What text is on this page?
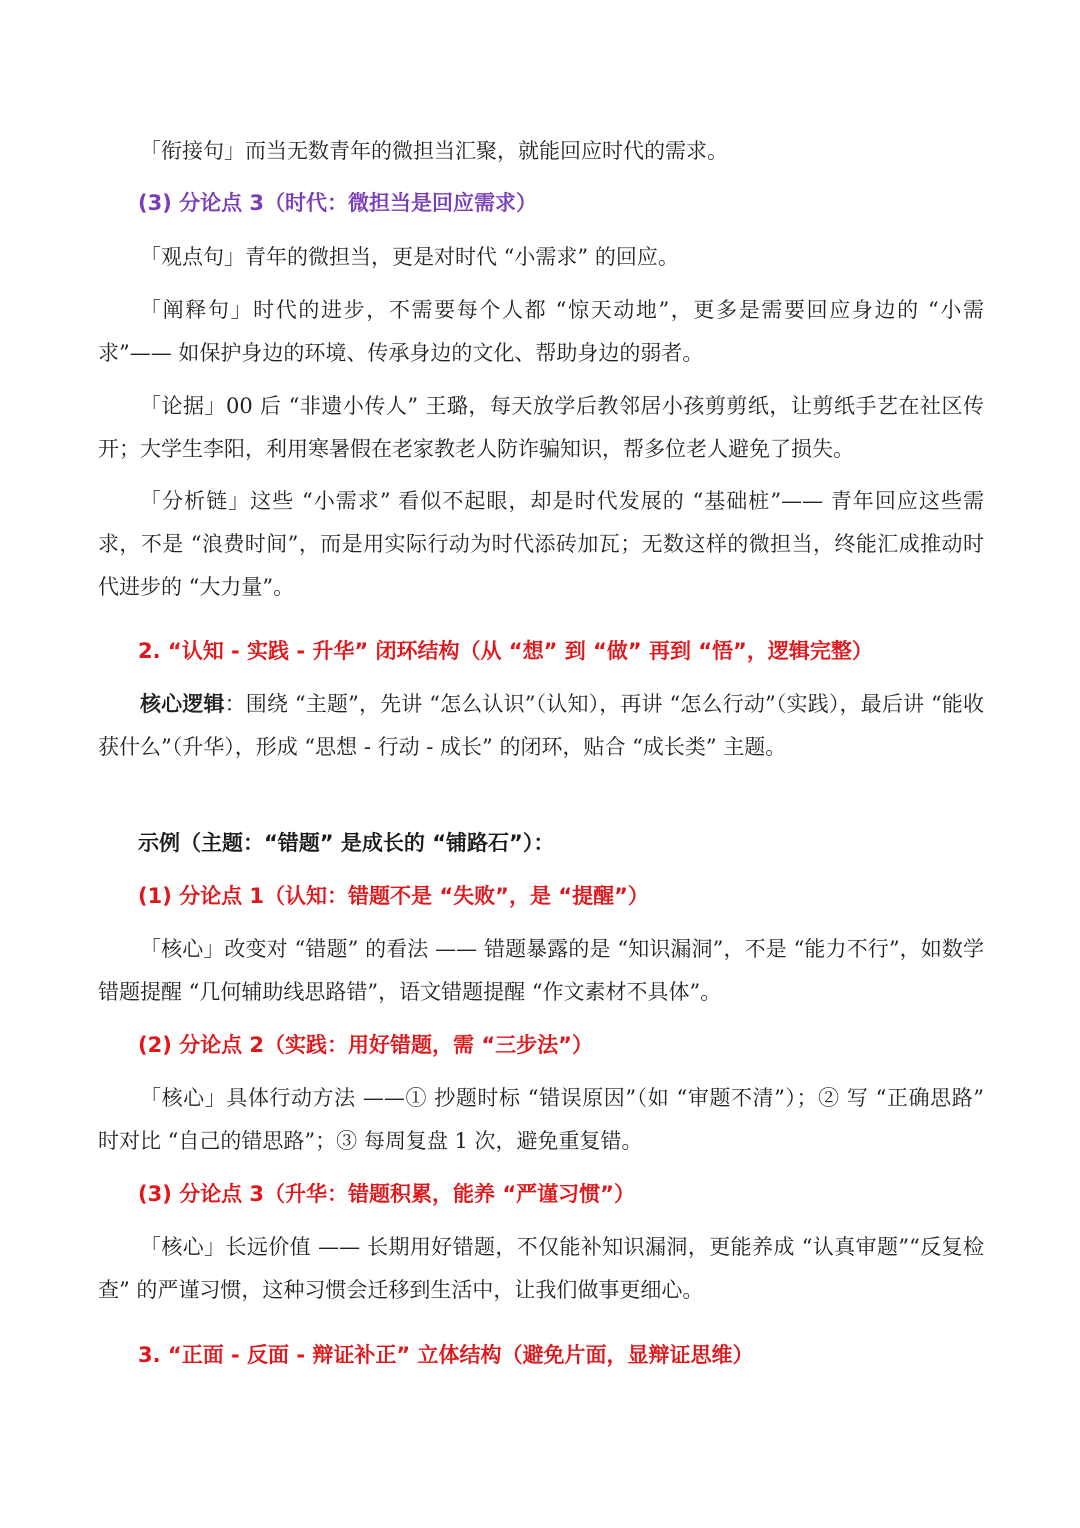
「衔接句」而当无数青年的微担当汇聚，就能回应时代的需求。

(3) 分论点 3（时代：微担当是回应需求）

「观点句」青年的微担当，更是对时代 “小需求” 的回应。

「阐释句」时代的进步，不需要每个人都 “惊天动地”，更多是需要回应身边的 “小需求”—— 如保护身边的环境、传承身边的文化、帮助身边的弱者。

「论据」00 后 “非遗小传人” 王璐，每天放学后教邻居小孩剪剪纸，让剪纸手艺在社区传开；大学生李阳，利用寒暑假在老家教老人防诈骗知识，帮多位老人避免了损失。

「分析链」这些 “小需求” 看似不起眼，却是时代发展的 “基础桩”—— 青年回应这些需求，不是 “浪费时间”，而是用实际行动为时代添砖加瓦；无数这样的微担当，终能汇成推动时代进步的 “大力量”。

2. “认知 - 实践 - 升华” 闭环结构（从 “想” 到 “做” 再到 “悟”，逻辑完整）

核心逻辑：围绕 “主题”，先讲 “怎么认识”（认知），再讲 “怎么行动”（实践），最后讲 “能收获什么”（升华），形成 “思想 - 行动 - 成长” 的闭环，贴合 “成长类” 主题。

示例（主题：“错题” 是成长的 “铺路石”）：

(1) 分论点 1（认知：错题不是 “失败”，是 “提醒”）

「核心」改变对 “错题” 的看法 —— 错题暴露的是 “知识漏洞”，不是 “能力不行”，如数学错题提醒 “几何辅助线思路错”，语文错题提醒 “作文素材不具体”。

(2) 分论点 2（实践：用好错题，需 “三步法”）

「核心」具体行动方法 ——① 抄题时标 “错误原因”（如 “审题不清”）；② 写 “正确思路” 时对比 “自己的错思路”；③ 每周复盘 1 次，避免重复错。

(3) 分论点 3（升华：错题积累，能养 “严谨习惯”）

「核心」长远价值 —— 长期用好错题，不仅能补知识漏洞，更能养成 “认真审题”“反复检查” 的严谨习惯，这种习惯会迁移到生活中，让我们做事更细心。

3. “正面 - 反面 - 辩证补正” 立体结构（避免片面，显辩证思维）
